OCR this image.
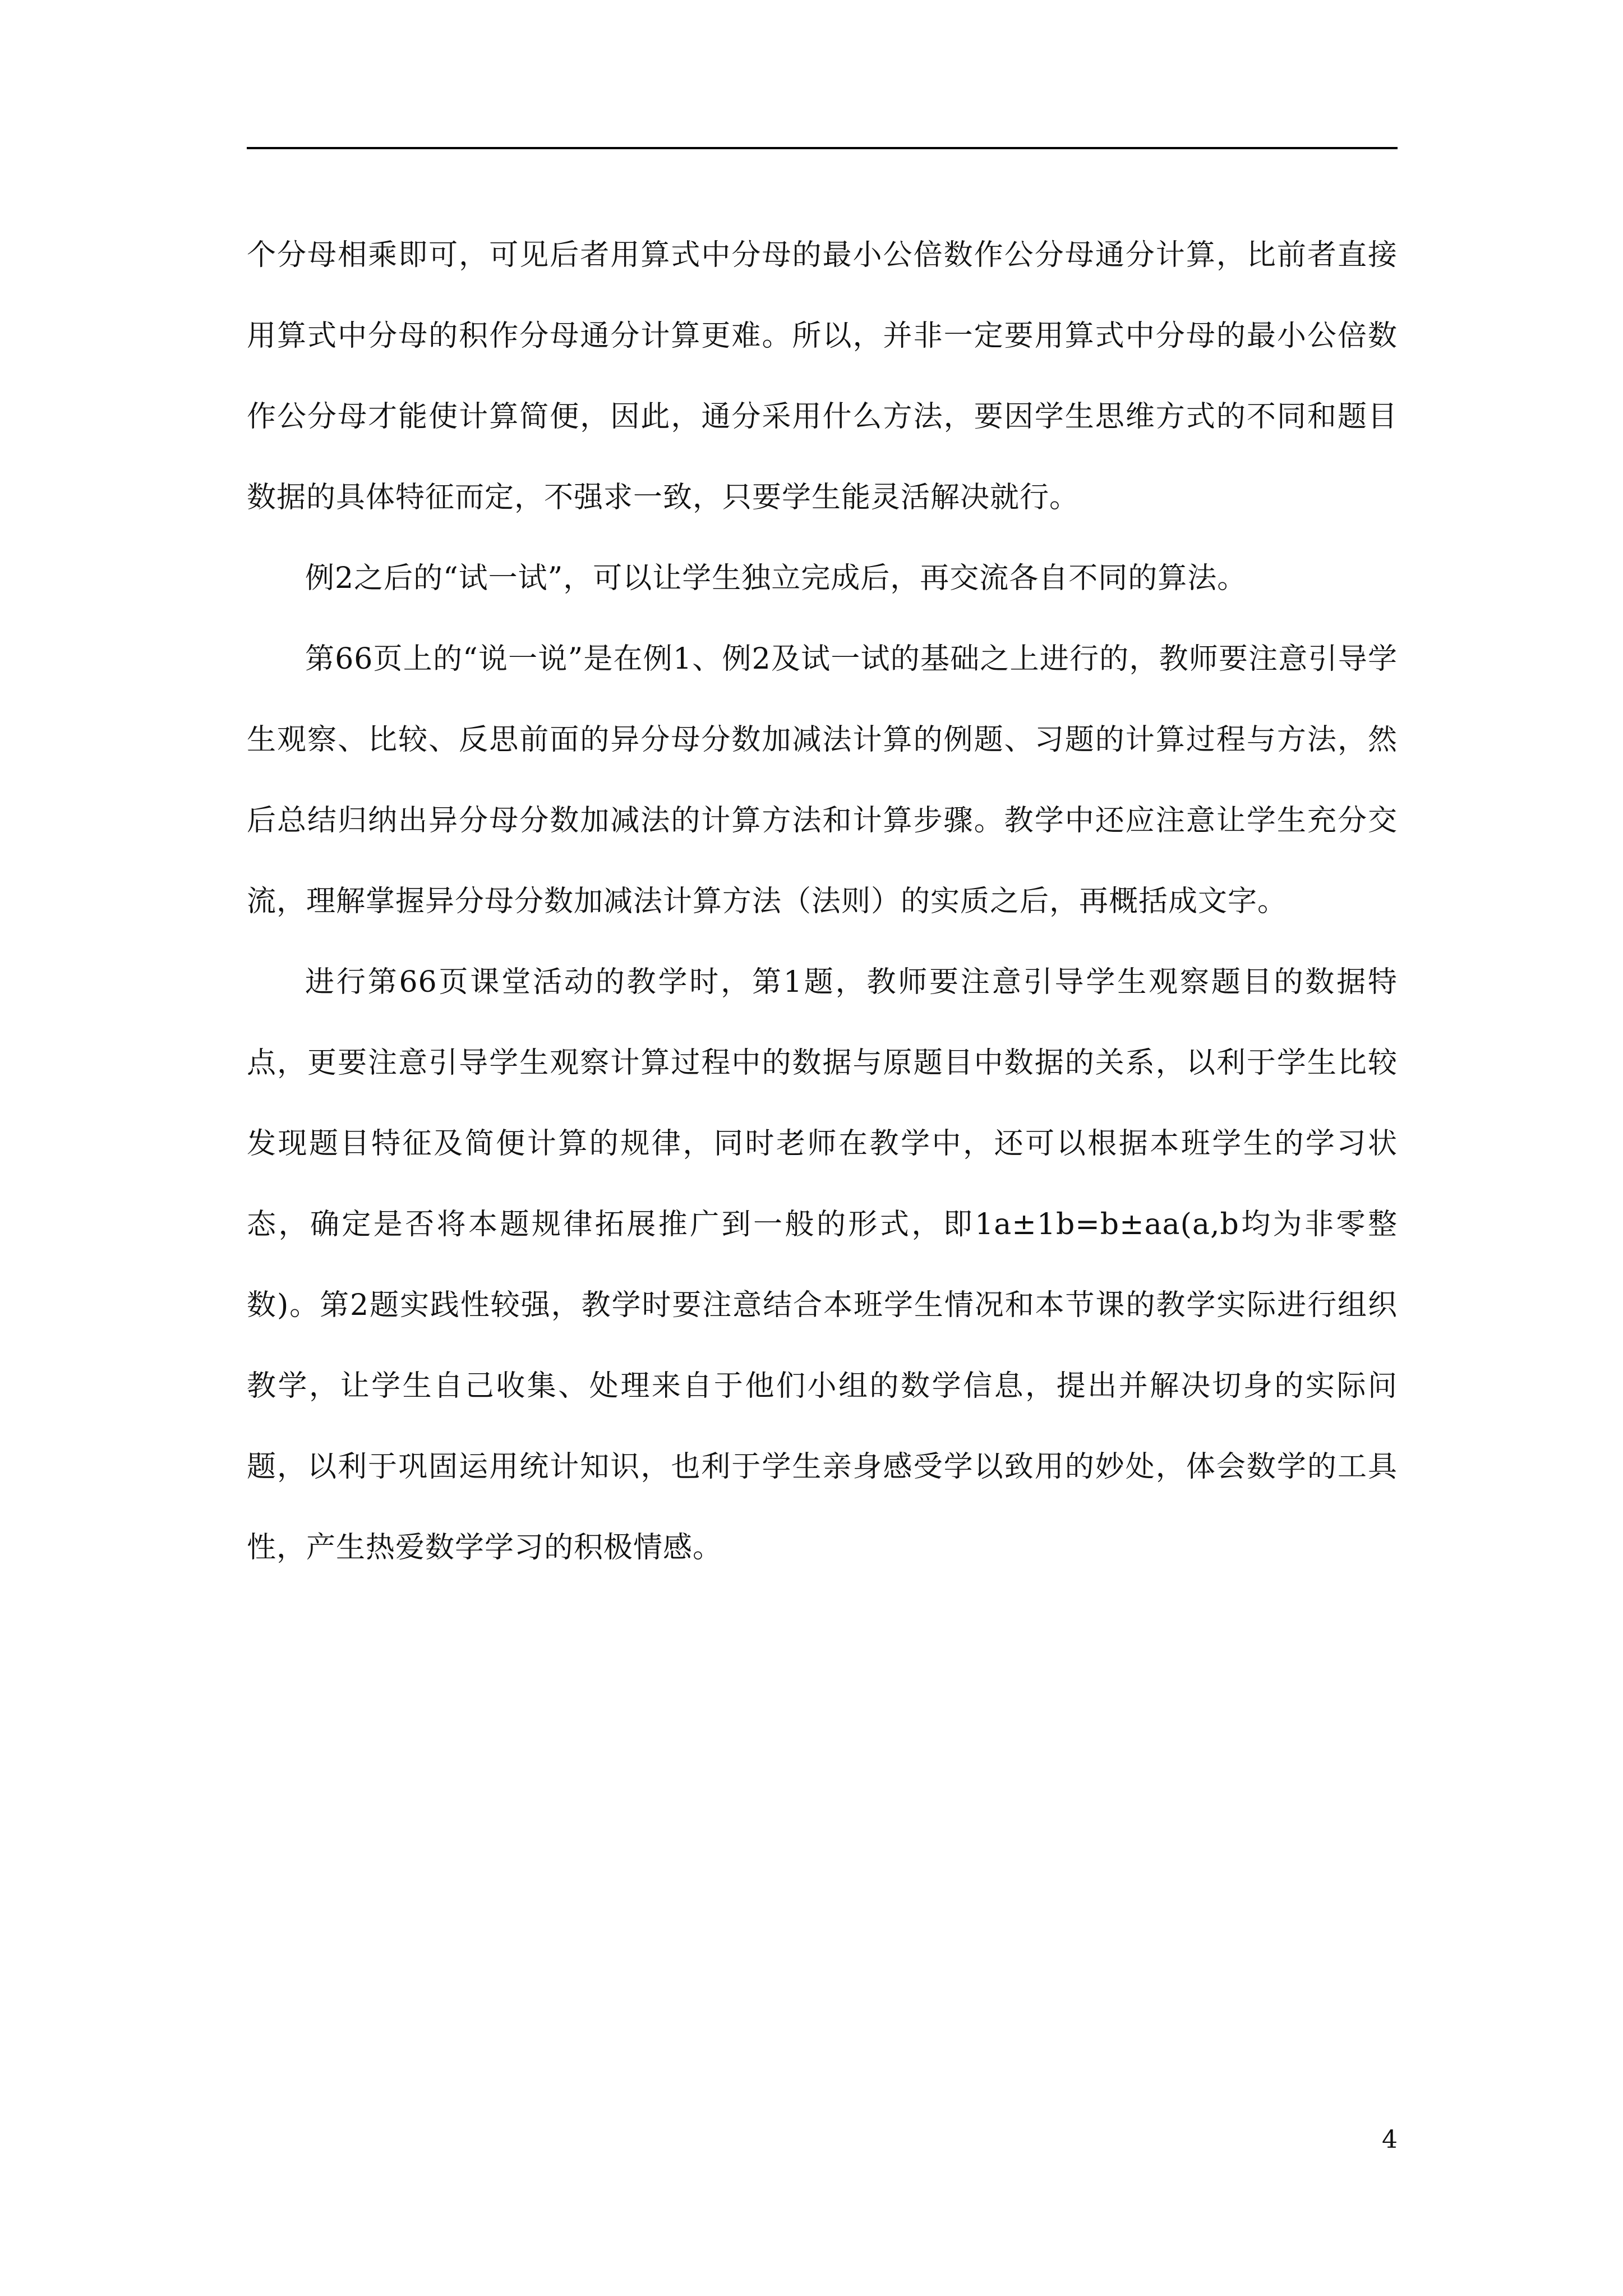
个分母相乘即可，可见后者用算式中分母的最小公倍数作公分母通分计算，比前者直接用算式中分母的积作分母通分计算更难。所以，并非一定要用算式中分母的最小公倍数作公分母才能使计算简便，因此，通分采用什么方法，要因学生思维方式的不同和题目数据的具体特征而定，不强求一致，只要学生能灵活解决就行。

例2之后的“试一试”，可以让学生独立完成后，再交流各自不同的算法。

第66页上的“说一说”是在例1、例2及试一试的基础之上进行的，教师要注意引导学生观察、比较、反思前面的异分母分数加减法计算的例题、习题的计算过程与方法，然后总结归纳出异分母分数加减法的计算方法和计算步骤。教学中还应注意让学生充分交流，理解掌握异分母分数加减法计算方法（法则）的实质之后，再概括成文字。

进行第66页课堂活动的教学时，第1题，教师要注意引导学生观察题目的数据特点，更要注意引导学生观察计算过程中的数据与原题目中数据的关系，以利于学生比较发现题目特征及简便计算的规律，同时老师在教学中，还可以根据本班学生的学习状态，确定是否将本题规律拓展推广到一般的形式，即1a±1b=b±aa(a,b均为非零整数)。第2题实践性较强，教学时要注意结合本班学生情况和本节课的教学实际进行组织教学，让学生自己收集、处理来自于他们小组的数学信息，提出并解决切身的实际问题，以利于巩固运用统计知识，也利于学生亲身感受学以致用的妙处，体会数学的工具性，产生热爱数学学习的积极情感。

4
